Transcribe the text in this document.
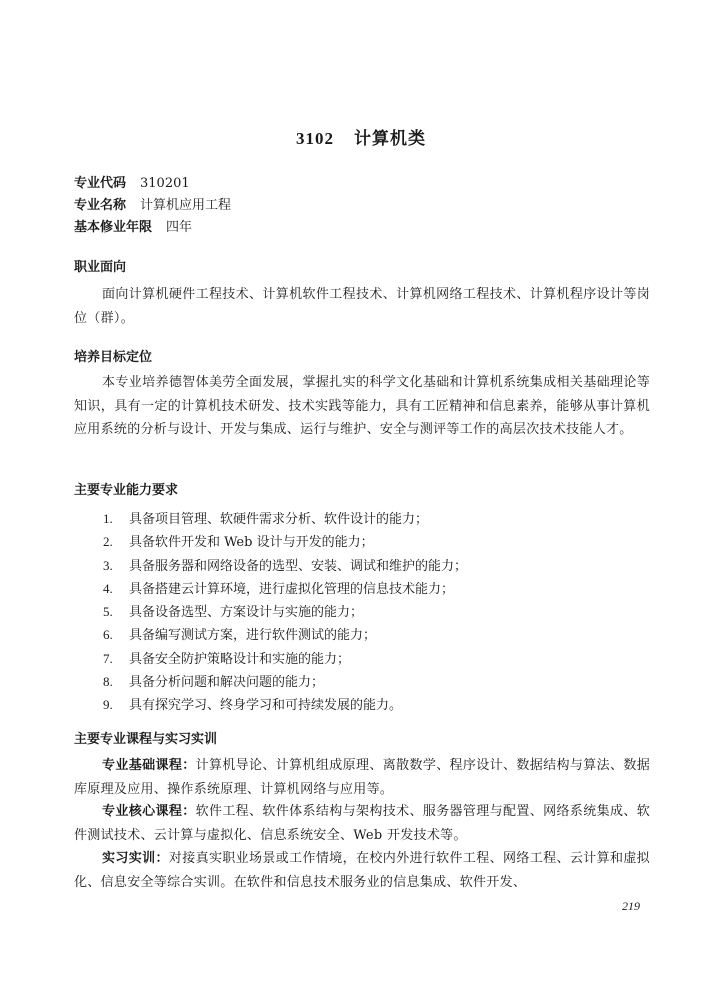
3102 计算机类
专业代码 310201
专业名称 计算机应用工程
基本修业年限 四年
职业面向
面向计算机硬件工程技术、计算机软件工程技术、计算机网络工程技术、计算机程序设计等岗位（群）。
培养目标定位
本专业培养德智体美劳全面发展，掌握扎实的科学文化基础和计算机系统集成相关基础理论等知识，具有一定的计算机技术研发、技术实践等能力，具有工匠精神和信息素养，能够从事计算机应用系统的分析与设计、开发与集成、运行与维护、安全与测评等工作的高层次技术技能人才。
主要专业能力要求
1. 具备项目管理、软硬件需求分析、软件设计的能力；
2. 具备软件开发和 Web 设计与开发的能力；
3. 具备服务器和网络设备的选型、安装、调试和维护的能力；
4. 具备搭建云计算环境，进行虚拟化管理的信息技术能力；
5. 具备设备选型、方案设计与实施的能力；
6. 具备编写测试方案，进行软件测试的能力；
7. 具备安全防护策略设计和实施的能力；
8. 具备分析问题和解决问题的能力；
9. 具有探究学习、终身学习和可持续发展的能力。
主要专业课程与实习实训
专业基础课程：计算机导论、计算机组成原理、离散数学、程序设计、数据结构与算法、数据库原理及应用、操作系统原理、计算机网络与应用等。
专业核心课程：软件工程、软件体系结构与架构技术、服务器管理与配置、网络系统集成、软件测试技术、云计算与虚拟化、信息系统安全、Web 开发技术等。
实习实训：对接真实职业场景或工作情境，在校内外进行软件工程、网络工程、云计算和虚拟化、信息安全等综合实训。在软件和信息技术服务业的信息集成、软件开发、
219
